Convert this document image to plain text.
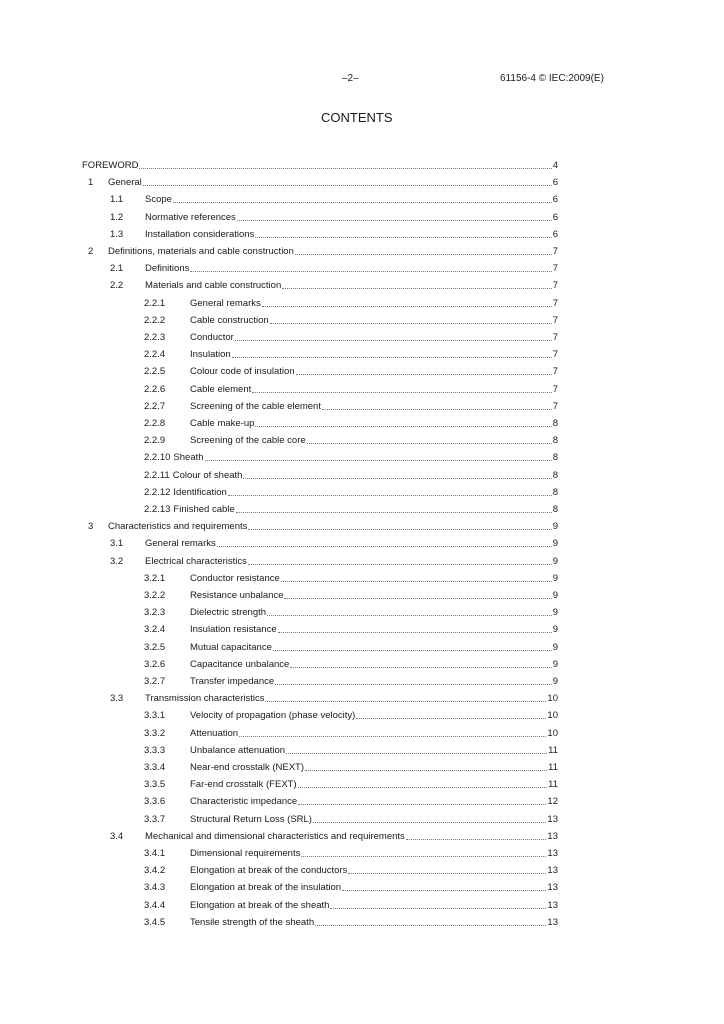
–2–	61156-4 © IEC:2009(E)
CONTENTS
FOREWORD	4
1 General	6
1.1 Scope	6
1.2 Normative references	6
1.3 Installation considerations	6
2 Definitions, materials and cable construction	7
2.1 Definitions	7
2.2 Materials and cable construction	7
2.2.1	General remarks	7
2.2.2	Cable construction	7
2.2.3	Conductor	7
2.2.4	Insulation	7
2.2.5	Colour code of insulation	7
2.2.6	Cable element	7
2.2.7	Screening of the cable element	7
2.2.8	Cable make-up	8
2.2.9	Screening of the cable core	8
2.2.10 Sheath	8
2.2.11 Colour of sheath	8
2.2.12 Identification	8
2.2.13 Finished cable	8
3 Characteristics and requirements	9
3.1 General remarks	9
3.2 Electrical characteristics	9
3.2.1	Conductor resistance	9
3.2.2	Resistance unbalance	9
3.2.3	Dielectric strength	9
3.2.4	Insulation resistance	9
3.2.5	Mutual capacitance	9
3.2.6	Capacitance unbalance	9
3.2.7	Transfer impedance	9
3.3 Transmission characteristics	10
3.3.1	Velocity of propagation (phase velocity)	10
3.3.2	Attenuation	10
3.3.3	Unbalance attenuation	11
3.3.4	Near-end crosstalk (NEXT)	11
3.3.5	Far-end crosstalk (FEXT)	11
3.3.6	Characteristic impedance	12
3.3.7	Structural Return Loss (SRL)	13
3.4 Mechanical and dimensional characteristics and requirements	13
3.4.1	Dimensional requirements	13
3.4.2	Elongation at break of the conductors	13
3.4.3	Elongation at break of the insulation	13
3.4.4	Elongation at break of the sheath	13
3.4.5	Tensile strength of the sheath	13
